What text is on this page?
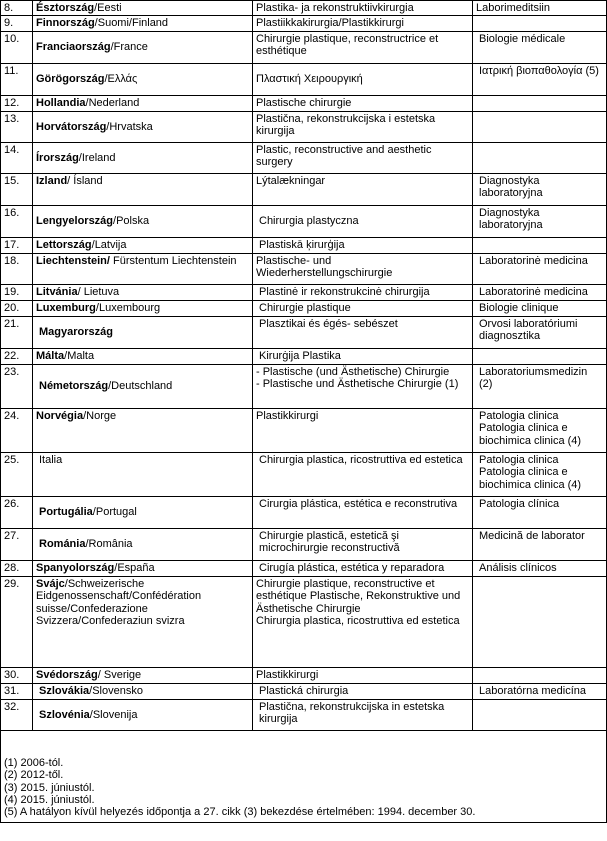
8.	Észtország/Eesti	Plastika- ja rekonstruktiivkirurgia	Laborimeditsiin
9.	Finnország/Suomi/Finland	Plastiikkakirurgia/Plastikkirurgi	
10.	Franciaország/France	Chirurgie plastique, reconstructrice et esthétique	Biologie médicale
11.	Görögország/Ελλάς	Πλαστική Χειρουργική	Ιατρική βιοπαθολογία (5)
12.	Hollandia/Nederland	Plastische chirurgie	
13.	Horvátország/Hrvatska	Plastična, rekonstrukcijska i estetska kirurgija	
14.	Írország/Ireland	Plastic, reconstructive and aesthetic surgery	
15.	Izland/ Ísland	Lýtalækningar	Diagnostyka laboratoryjna
16.	Lengyelország/Polska	Chirurgia plastyczna	Diagnostyka laboratoryjna
17.	Lettország/Latvija	Plastiskā ķirurģija	
18.	Liechtenstein/ Fürstentum Liechtenstein	Plastische- und Wiederherstellungschirurgie	Laboratorinė medicina
19.	Litvánia/ Lietuva	Plastinė ir rekonstrukcinė chirurgija	Laboratorinė medicina
20.	Luxemburg/Luxembourg	Chirurgie plastique	Biologie clinique
21.	Magyarország	Plasztikai és égés- sebészet	Orvosi laboratóriumi diagnosztika
22.	Málta/Malta	Kirurġija Plastika	
23.	Németország/Deutschland	- Plastische (und Ästhetische) Chirurgie
- Plastische und Ästhetische Chirurgie (1)	Laboratoriumsmedizin (2)
24.	Norvégia/Norge	Plastikkirurgi	Patologia clinica
Patologia clinica e biochimica clinica (4)
25.	Italia	Chirurgia plastica, ricostruttiva ed estetica	Patologia clinica
Patologia clinica e biochimica clinica (4)
26.	Portugália/Portugal	Cirurgia plástica, estética e reconstrutiva	Patologia clínica
27.	Románia/România	Chirurgie plastică, estetică şi microchirurgie reconstructivă	Medicină de laborator
28.	Spanyolország/España	Cirugía plástica, estética y reparadora	Análisis clínicos
29.	Svájc/Schweizerische Eidgenossenschaft/Confédération suisse/Confederazione Svizzera/Confederaziun svizra	Chirurgie plastique, reconstructive et esthétique Plastische, Rekonstruktive und Ästhetische Chirurgie
Chirurgia plastica, ricostruttiva ed estetica	
30.	Svédország/ Sverige	Plastikkirurgi	
31.	Szlovákia/Slovensko	Plastická chirurgia	Laboratórna medicína
32.	Szlovénia/Slovenija	Plastična, rekonstrukcijska in estetska kirurgija	

(1) 2006-tól.
(2) 2012-től.
(3) 2015. júniustól.
(4) 2015. júniustól.
(5) A hatályon kívül helyezés időpontja a 27. cikk (3) bekezdése értelmében: 1994. december 30.			
